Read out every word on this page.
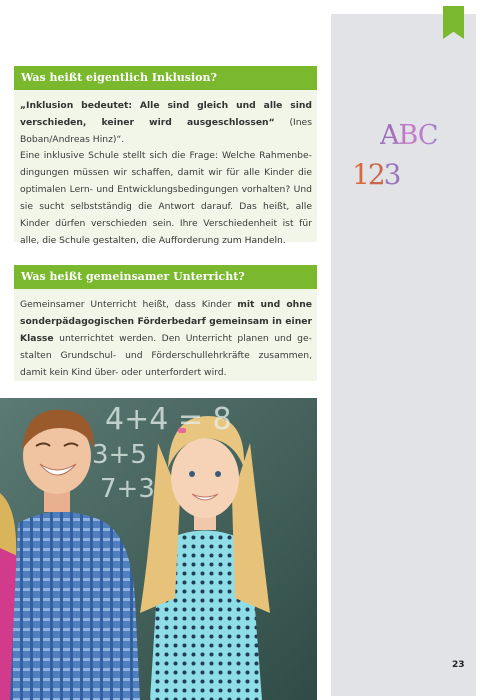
ABC
123
Was heißt eigentlich Inklusion?

„Inklusion bedeutet: Alle sind gleich und alle sind verschieden, keiner wird ausgeschlossen“ (Ines Boban/Andreas Hinz)“.

Eine inklusive Schule stellt sich die Frage: Welche Rahmenbedingungen müssen wir schaffen, damit wir für alle Kinder die optimalen Lern- und Entwicklungsbedingungen vorhalten? Und sie sucht selbstständig die Antwort darauf. Das heißt, alle Kinder dürfen verschieden sein. Ihre Verschiedenheit ist für alle, die Schule gestalten, die Aufforderung zum Handeln.

Was heißt gemeinsamer Unterricht?

Gemeinsamer Unterricht heißt, dass Kinder mit und ohne sonderpädagogischen Förderbedarf gemeinsam in einer Klasse unterrichtet werden. Den Unterricht planen und gestalten Grundschul- und Förderschullehrkräfte zusammen, damit kein Kind über- oder unterfordert wird.

4+4 = 8
3+5
7+3
23
